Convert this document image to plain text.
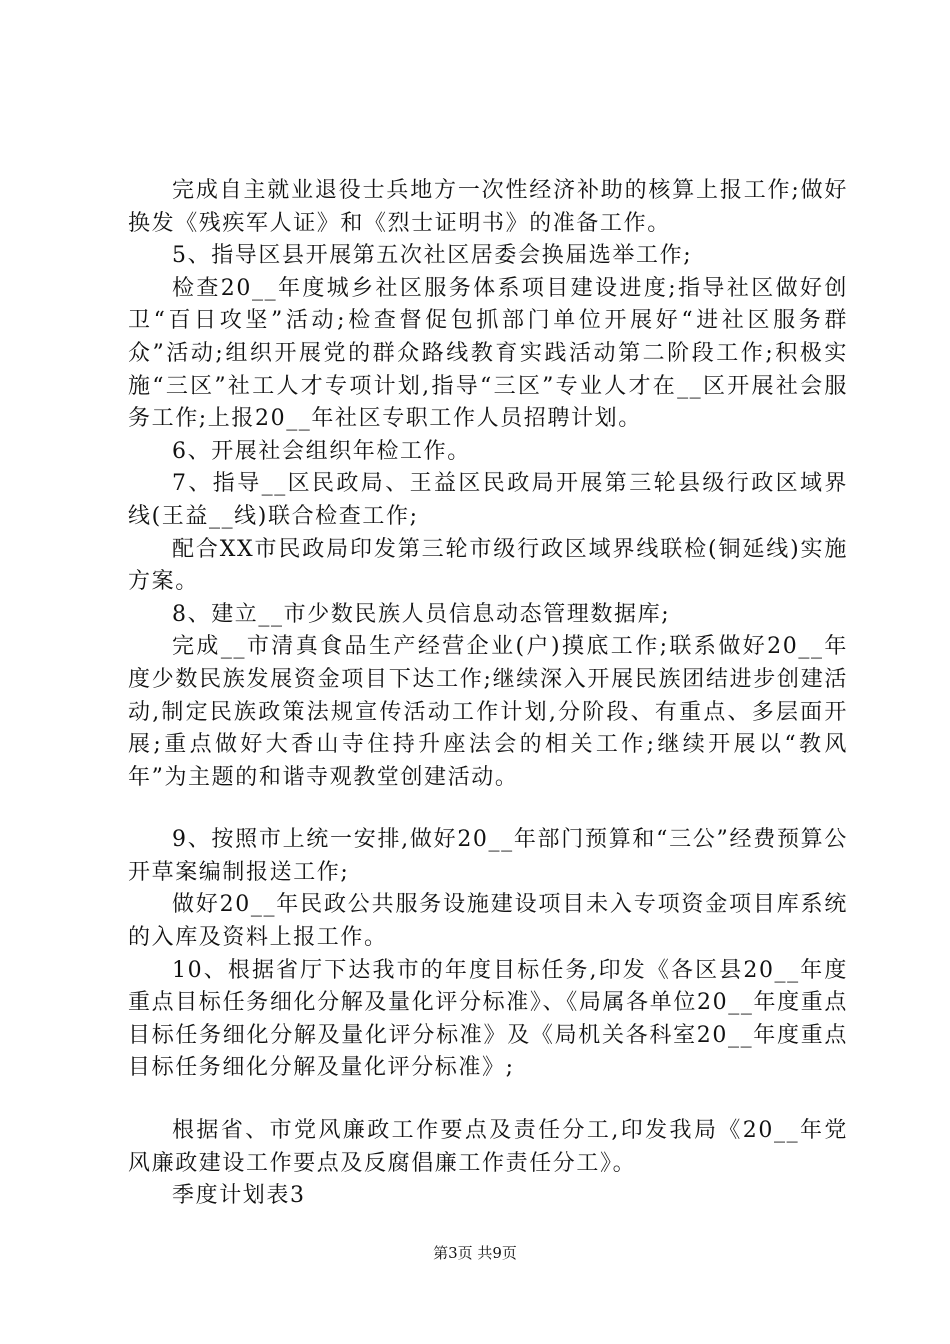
完成自主就业退役士兵地方一次性经济补助的核算上报工作;做好换发《残疾军人证》和《烈士证明书》的准备工作。

5、指导区县开展第五次社区居委会换届选举工作;

检查20__年度城乡社区服务体系项目建设进度;指导社区做好创卫“百日攻坚”活动;检查督促包抓部门单位开展好“进社区服务群众”活动;组织开展党的群众路线教育实践活动第二阶段工作;积极实施“三区”社工人才专项计划,指导“三区”专业人才在__区开展社会服务工作;上报20__年社区专职工作人员招聘计划。

6、开展社会组织年检工作。

7、指导__区民政局、王益区民政局开展第三轮县级行政区域界线(王益__线)联合检查工作;

配合XX市民政局印发第三轮市级行政区域界线联检(铜延线)实施方案。

8、建立__市少数民族人员信息动态管理数据库;

完成__市清真食品生产经营企业(户)摸底工作;联系做好20__年度少数民族发展资金项目下达工作;继续深入开展民族团结进步创建活动,制定民族政策法规宣传活动工作计划,分阶段、有重点、多层面开展;重点做好大香山寺住持升座法会的相关工作;继续开展以“教风年”为主题的和谐寺观教堂创建活动。

9、按照市上统一安排,做好20__年部门预算和“三公”经费预算公开草案编制报送工作;

做好20__年民政公共服务设施建设项目未入专项资金项目库系统的入库及资料上报工作。

10、根据省厅下达我市的年度目标任务,印发《各区县20__年度重点目标任务细化分解及量化评分标准》、《局属各单位20__年度重点目标任务细化分解及量化评分标准》及《局机关各科室20__年度重点目标任务细化分解及量化评分标准》;

根据省、市党风廉政工作要点及责任分工,印发我局《20__年党风廉政建设工作要点及反腐倡廉工作责任分工》。

季度计划表3

第3页 共9页
